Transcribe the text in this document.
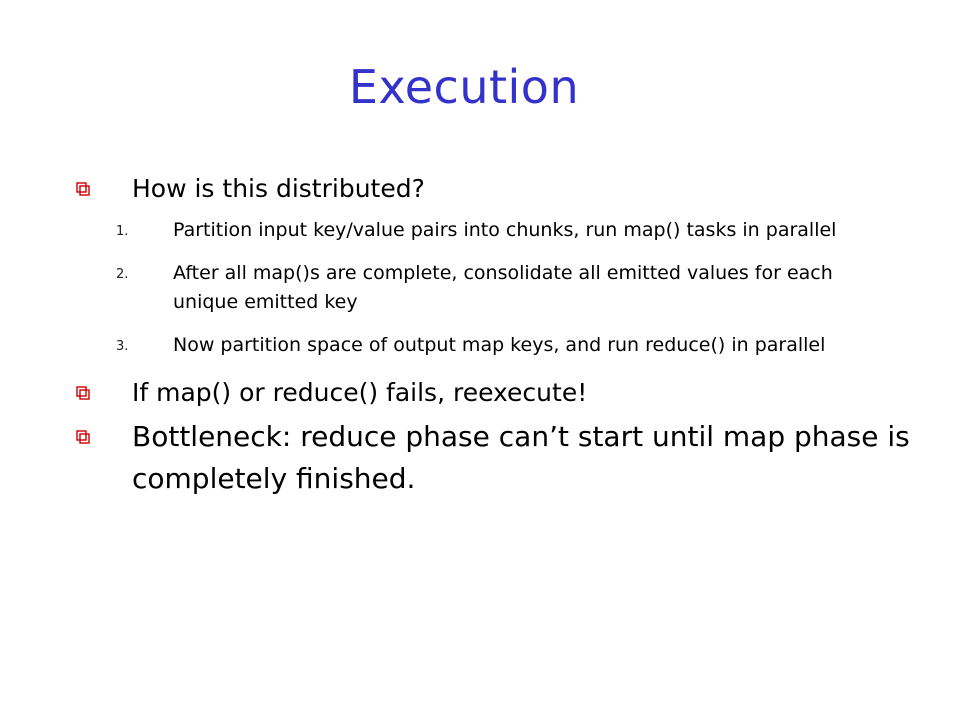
Execution
How is this distributed?
1. Partition input key/value pairs into chunks, run map() tasks in parallel
2. After all map()s are complete, consolidate all emitted values for each unique emitted key
3. Now partition space of output map keys, and run reduce() in parallel
If map() or reduce() fails, reexecute!
Bottleneck: reduce phase can’t start until map phase is completely finished.
